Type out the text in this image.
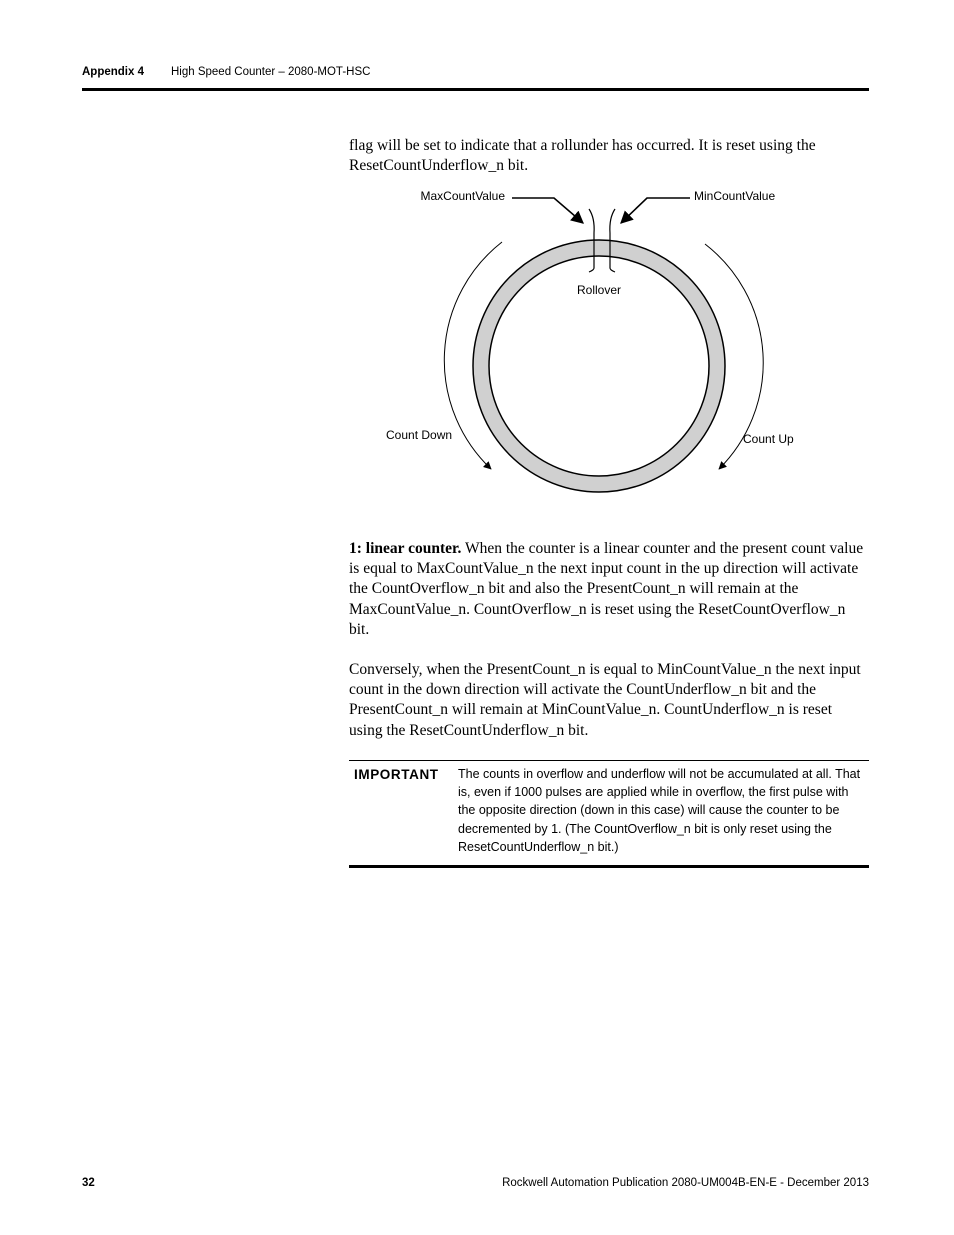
Appendix 4 High Speed Counter – 2080-MOT-HSC

flag will be set to indicate that a rollunder has occurred. It is reset using the ResetCountUnderflow_n bit.

MaxCountValue	MinCountValue
Rollover
Count Down	Count Up

1: linear counter. When the counter is a linear counter and the present count value is equal to MaxCountValue_n the next input count in the up direction will activate the CountOverflow_n bit and also the PresentCount_n will remain at the MaxCountValue_n. CountOverflow_n is reset using the ResetCountOverflow_n bit.

Conversely, when the PresentCount_n is equal to MinCountValue_n the next input count in the down direction will activate the CountUnderflow_n bit and the PresentCount_n will remain at MinCountValue_n. CountUnderflow_n is reset using the ResetCountUnderflow_n bit.

IMPORTANT The counts in overflow and underflow will not be accumulated at all. That is, even if 1000 pulses are applied while in overflow, the first pulse with the opposite direction (down in this case) will cause the counter to be decremented by 1. (The CountOverflow_n bit is only reset using the ResetCountUnderflow_n bit.)
32	Rockwell Automation Publication 2080-UM004B-EN-E - December 2013
